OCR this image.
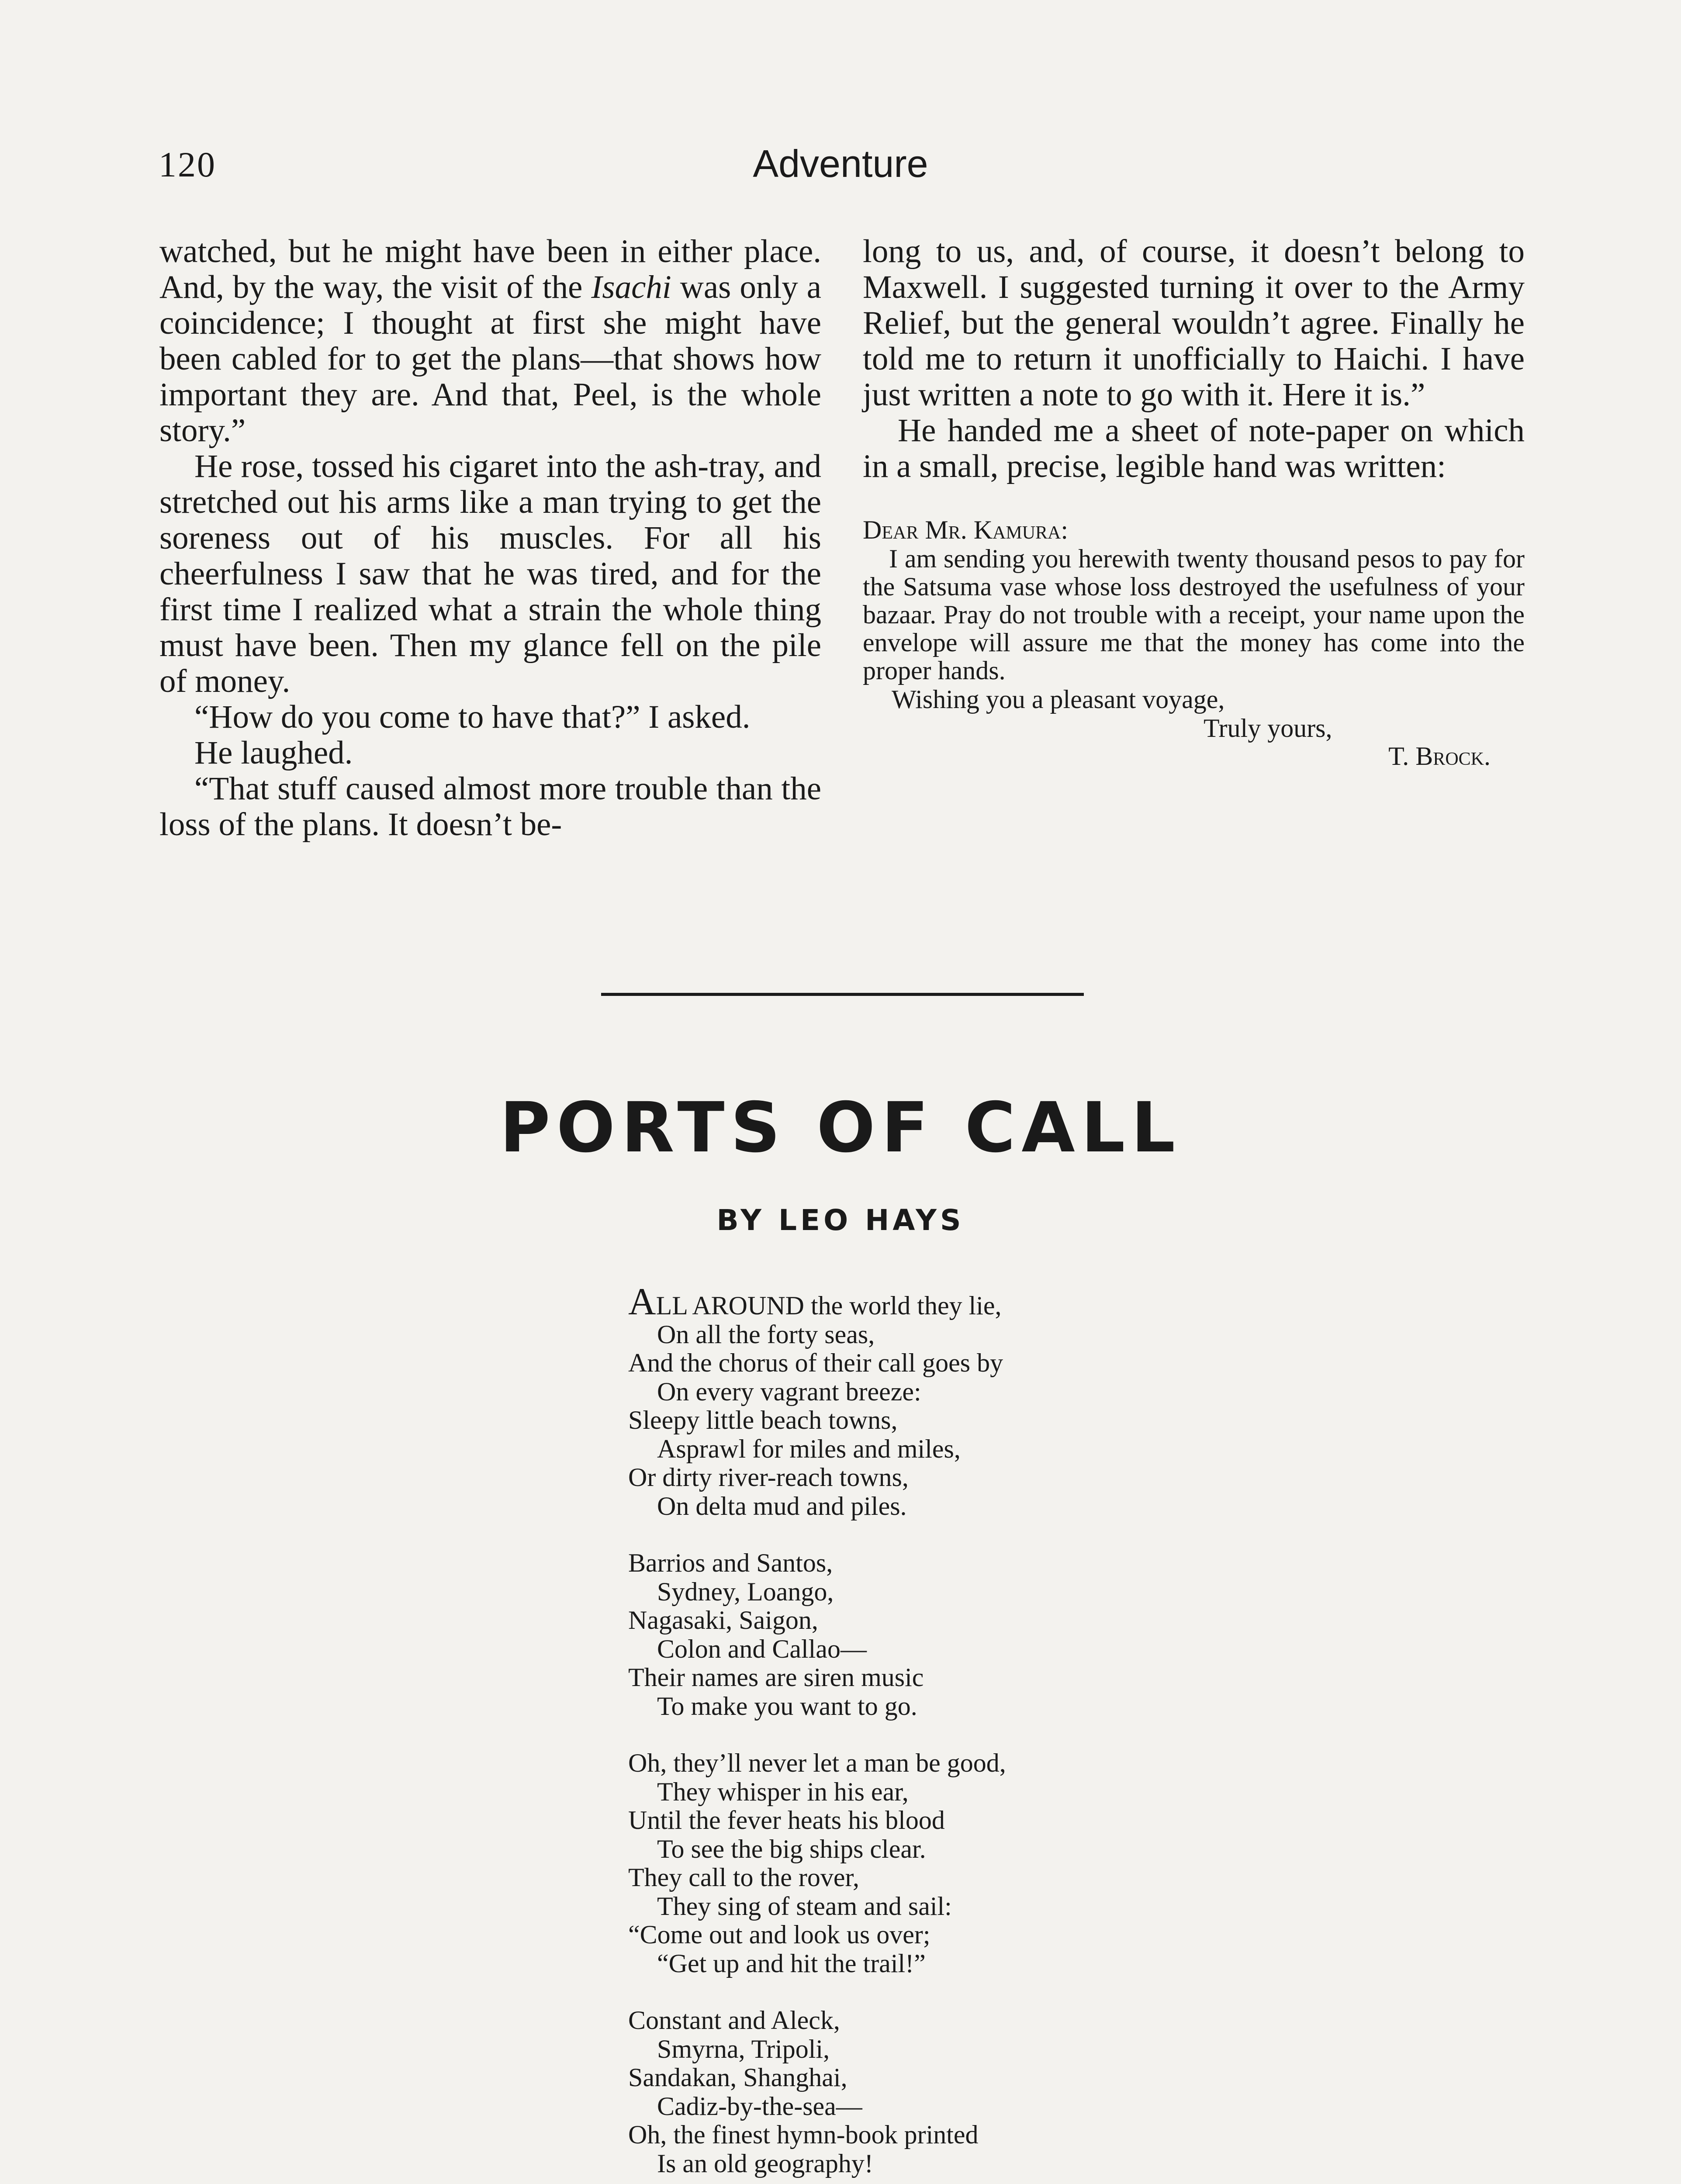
120	Adventure

watched, but he might have been in either place. And, by the way, the visit of the Isachi was only a coincidence; I thought at first she might have been cabled for to get the plans—that shows how important they are. And that, Peel, is the whole story.”

He rose, tossed his cigaret into the ash-tray, and stretched out his arms like a man trying to get the soreness out of his muscles. For all his cheerfulness I saw that he was tired, and for the first time I realized what a strain the whole thing must have been. Then my glance fell on the pile of money.

“How do you come to have that?” I asked.

He laughed.

“That stuff caused almost more trouble than the loss of the plans. It doesn’t be-

long to us, and, of course, it doesn’t belong to Maxwell. I suggested turning it over to the Army Relief, but the general wouldn’t agree. Finally he told me to return it unofficially to Haichi. I have just written a note to go with it. Here it is.”

He handed me a sheet of note-paper on which in a small, precise, legible hand was written:

Dear Mr. Kamura:
I am sending you herewith twenty thousand pesos to pay for the Satsuma vase whose loss destroyed the usefulness of your bazaar. Pray do not trouble with a receipt, your name upon the envelope will assure me that the money has come into the proper hands.
Wishing you a pleasant voyage,
Truly yours,
T. Brock.
PORTS OF CALL
BY LEO HAYS
ALL AROUND the world they lie,
On all the forty seas,
And the chorus of their call goes by
On every vagrant breeze:
Sleepy little beach towns,
Asprawl for miles and miles,
Or dirty river-reach towns,
On delta mud and piles.
Barrios and Santos,
Sydney, Loango,
Nagasaki, Saigon,
Colon and Callao—
Their names are siren music
To make you want to go.
Oh, they’ll never let a man be good,
They whisper in his ear,
Until the fever heats his blood
To see the big ships clear.
They call to the rover,
They sing of steam and sail:
“Come out and look us over;
“Get up and hit the trail!”
Constant and Aleck,
Smyrna, Tripoli,
Sandakan, Shanghai,
Cadiz-by-the-sea—
Oh, the finest hymn-book printed
Is an old geography!
